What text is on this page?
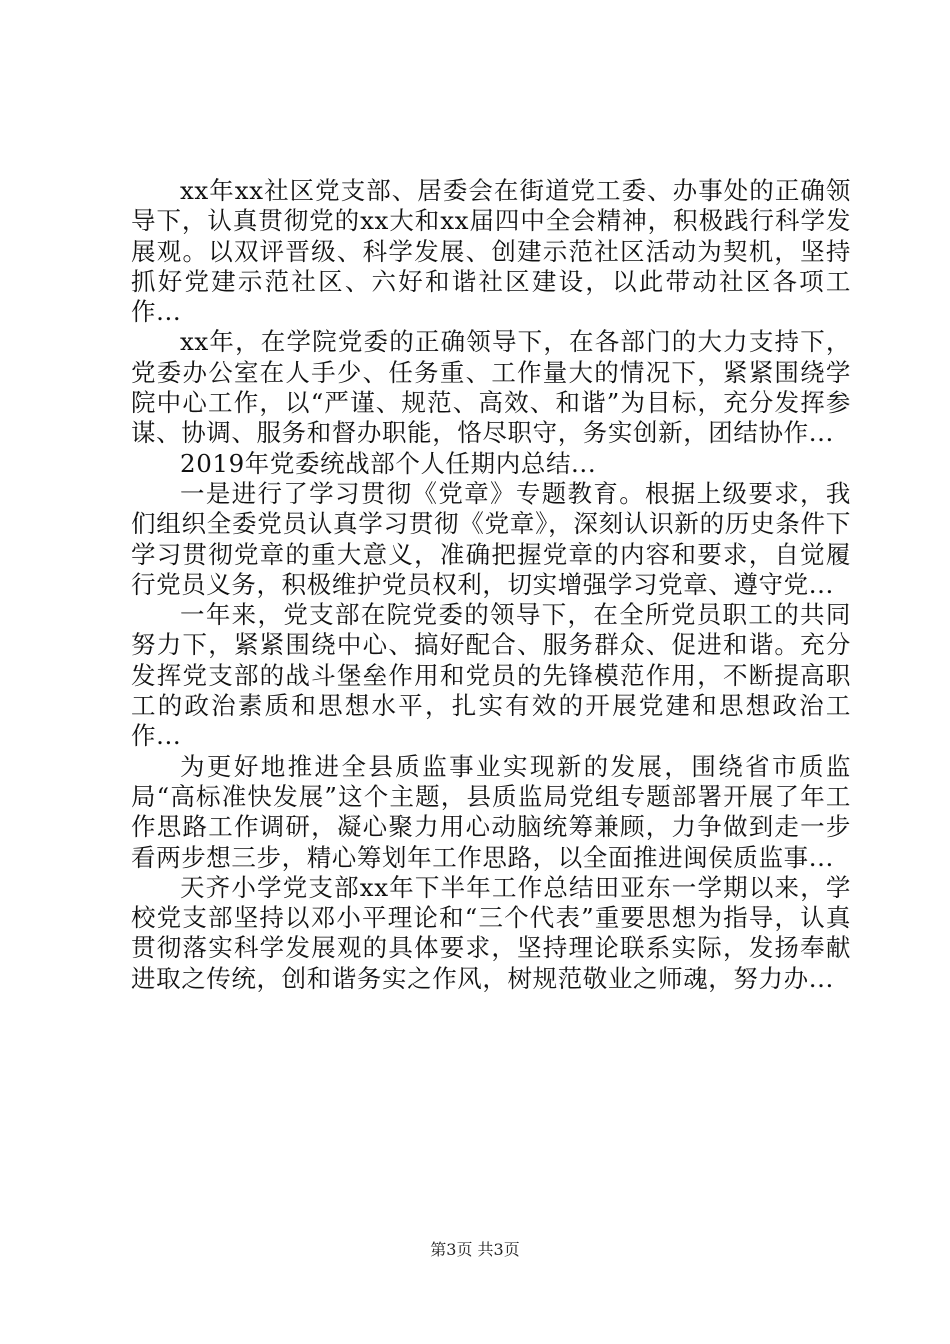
xx年xx社区党支部、居委会在街道党工委、办事处的正确领导下，认真贯彻党的xx大和xx届四中全会精神，积极践行科学发展观。以双评晋级、科学发展、创建示范社区活动为契机，坚持抓好党建示范社区、六好和谐社区建设，以此带动社区各项工作...

xx年，在学院党委的正确领导下，在各部门的大力支持下，党委办公室在人手少、任务重、工作量大的情况下，紧紧围绕学院中心工作，以“严谨、规范、高效、和谐”为目标，充分发挥参谋、协调、服务和督办职能，恪尽职守，务实创新，团结协作...

2019年党委统战部个人任期内总结...

一是进行了学习贯彻《党章》专题教育。根据上级要求，我们组织全委党员认真学习贯彻《党章》，深刻认识新的历史条件下学习贯彻党章的重大意义，准确把握党章的内容和要求，自觉履行党员义务，积极维护党员权利，切实增强学习党章、遵守党...

一年来，党支部在院党委的领导下，在全所党员职工的共同努力下，紧紧围绕中心、搞好配合、服务群众、促进和谐。充分发挥党支部的战斗堡垒作用和党员的先锋模范作用，不断提高职工的政治素质和思想水平，扎实有效的开展党建和思想政治工作...

为更好地推进全县质监事业实现新的发展，围绕省市质监局“高标准快发展”这个主题，县质监局党组专题部署开展了年工作思路工作调研，凝心聚力用心动脑统筹兼顾，力争做到走一步看两步想三步，精心筹划年工作思路，以全面推进闽侯质监事...

天齐小学党支部xx年下半年工作总结田亚东一学期以来，学校党支部坚持以邓小平理论和“三个代表”重要思想为指导，认真贯彻落实科学发展观的具体要求，坚持理论联系实际，发扬奉献进取之传统，创和谐务实之作风，树规范敬业之师魂，努力办...

第3页 共3页
